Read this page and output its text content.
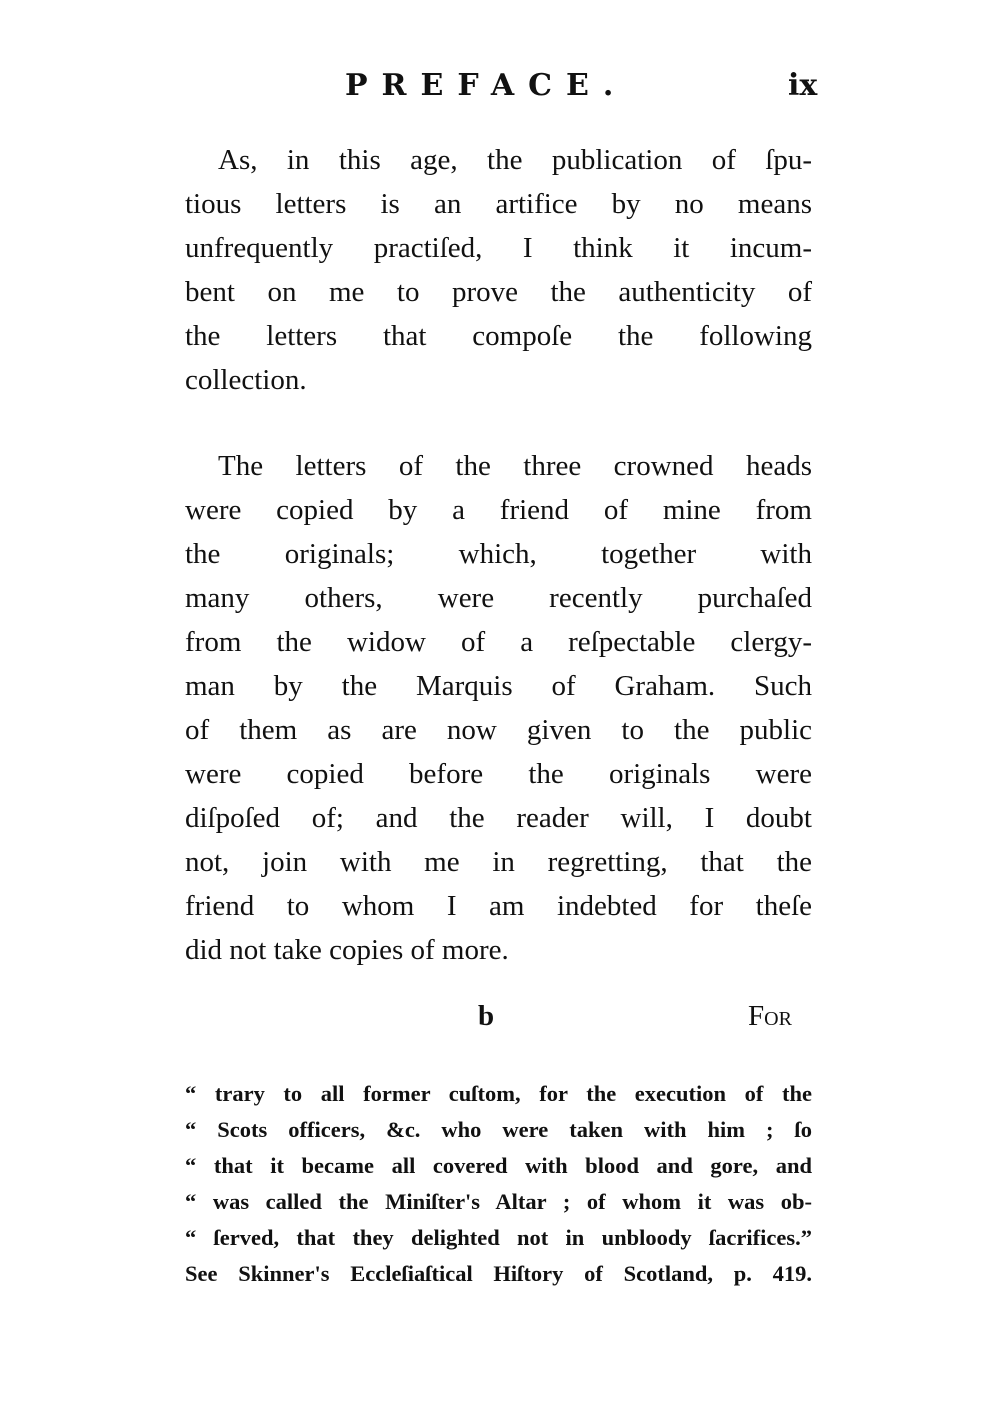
PREFACE.	ix
As, in this age, the publication of ſpu-
tious letters is an artifice by no means
unfrequently practiſed, I think it incum-
bent on me to prove the authenticity of
the letters that compoſe the following
collection.
The letters of the three crowned heads
were copied by a friend of mine from
the originals; which, together with
many others, were recently purchaſed
from the widow of a reſpectable clergy-
man by the Marquis of Graham. Such
of them as are now given to the public
were copied before the originals were
diſpoſed of; and the reader will, I doubt
not, join with me in regretting, that the
friend to whom I am indebted for theſe
did not take copies of more.
b	For
“ trary to all former cuſtom, for the execution of the
“ Scots officers, &c. who were taken with him ; ſo
“ that it became all covered with blood and gore, and
“ was called the Miniſter's Altar ; of whom it was ob-
“ ſerved, that they delighted not in unbloody ſacrifices.”
See Skinner's Eccleſiaſtical Hiſtory of Scotland, p. 419.
